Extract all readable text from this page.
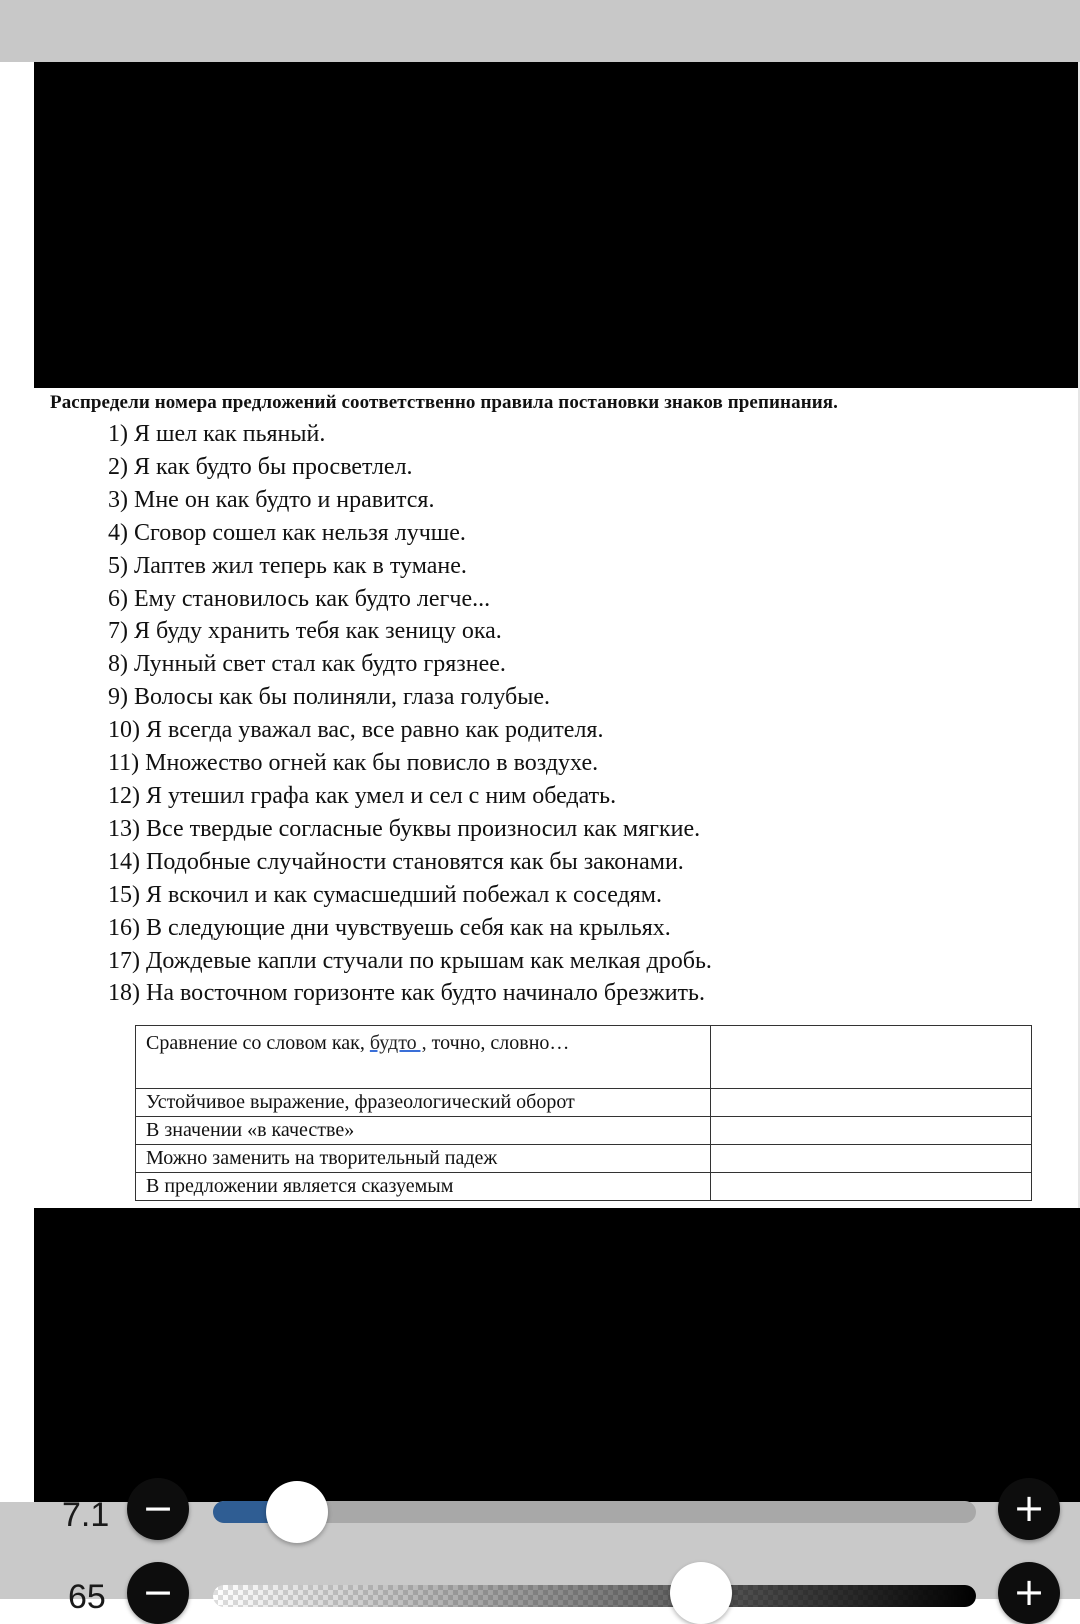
Распредели номера предложений соответственно правила постановки знаков препинания.
1) Я шел как пьяный.
2) Я как будто бы просветлел.
3) Мне он как будто и нравится.
4) Сговор сошел как нельзя лучше.
5) Лаптев жил теперь как в тумане.
6) Ему становилось как будто легче...
7) Я буду хранить тебя как зеницу ока.
8) Лунный свет стал как будто грязнее.
9) Волосы как бы полиняли, глаза голубые.
10) Я всегда уважал вас, все равно как родителя.
11) Множество огней как бы повисло в воздухе.
12) Я утешил графа как умел и сел с ним обедать.
13) Все твердые согласные буквы произносил как мягкие.
14) Подобные случайности становятся как бы законами.
15) Я вскочил и как сумасшедший побежал к соседям.
16) В следующие дни чувствуешь себя как на крыльях.
17) Дождевые капли стучали по крышам как мелкая дробь.
18) На восточном горизонте как будто начинало брезжить.
Сравнение со словом как, будто , точно, словно…	
Устойчивое выражение, фразеологический оборот	
В значении «в качестве»	
Можно заменить на творительный падеж	
В предложении является сказуемым	
7.1 −	+
65 −	+
